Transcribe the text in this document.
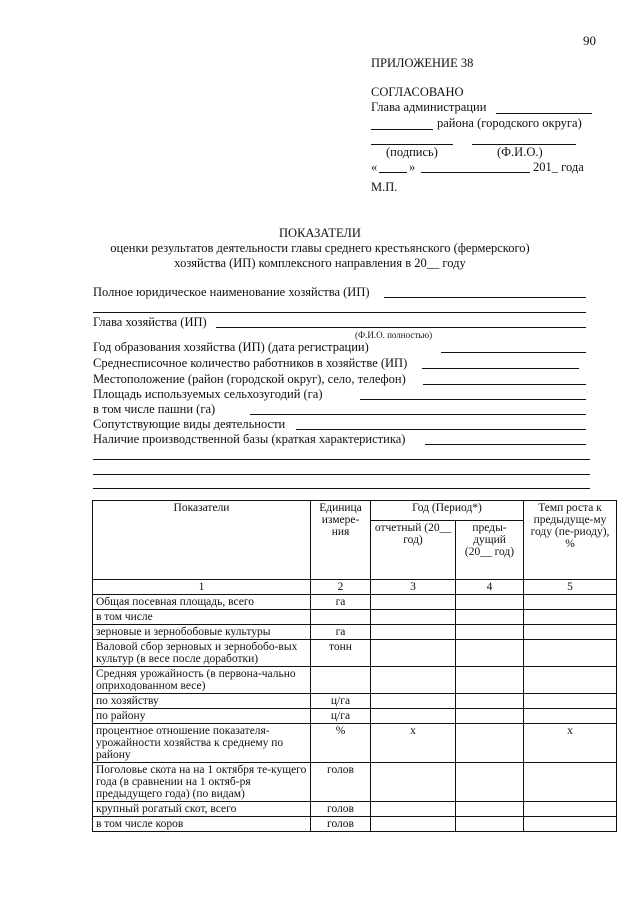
90
ПРИЛОЖЕНИЕ 38
СОГЛАСОВАНО
Глава администрации
района (городского округа)
(подпись)	(Ф.И.О.)
«	»	201_ года
М.П.
ПОКАЗАТЕЛИ
оценки результатов деятельности главы среднего крестьянского (фермерского)
хозяйства (ИП) комплексного направления в 20__ году
Полное юридическое наименование хозяйства (ИП)
Глава хозяйства (ИП)
(Ф.И.О. полностью)
Год образования хозяйства (ИП) (дата регистрации)
Среднесписочное количество работников в хозяйстве (ИП)
Местоположение (район (городской округ), село, телефон)
Площадь используемых сельхозугодий (га)
в том числе пашни (га)
Сопутствующие виды деятельности
Наличие производственной базы (краткая характеристика)
Показатели	Единица измере-ния	Год (Период*)		Темп роста к предыдуще-му году (пе-риоду), %

		отчетный (20__ год)	преды-дущий (20__ год)	

1	2	3	4	5
Общая посевная площадь, всего	га			
в том числе				
зерновые и зернобобовые культуры	га			
Валовой сбор зерновых и зернобобо-вых культур (в весе после доработки)	тонн			
Средняя урожайность (в первона-чально оприходованном весе)				
по хозяйству	ц/га			
по району	ц/га			
процентное отношение показателя-урожайности хозяйства к среднему по району	%	x		x
Поголовье скота на на 1 октября те-кущего года (в сравнении на 1 октяб-ря предыдущего года) (по видам)	голов			
крупный рогатый скот, всего	голов			
в том числе коров	голов			
